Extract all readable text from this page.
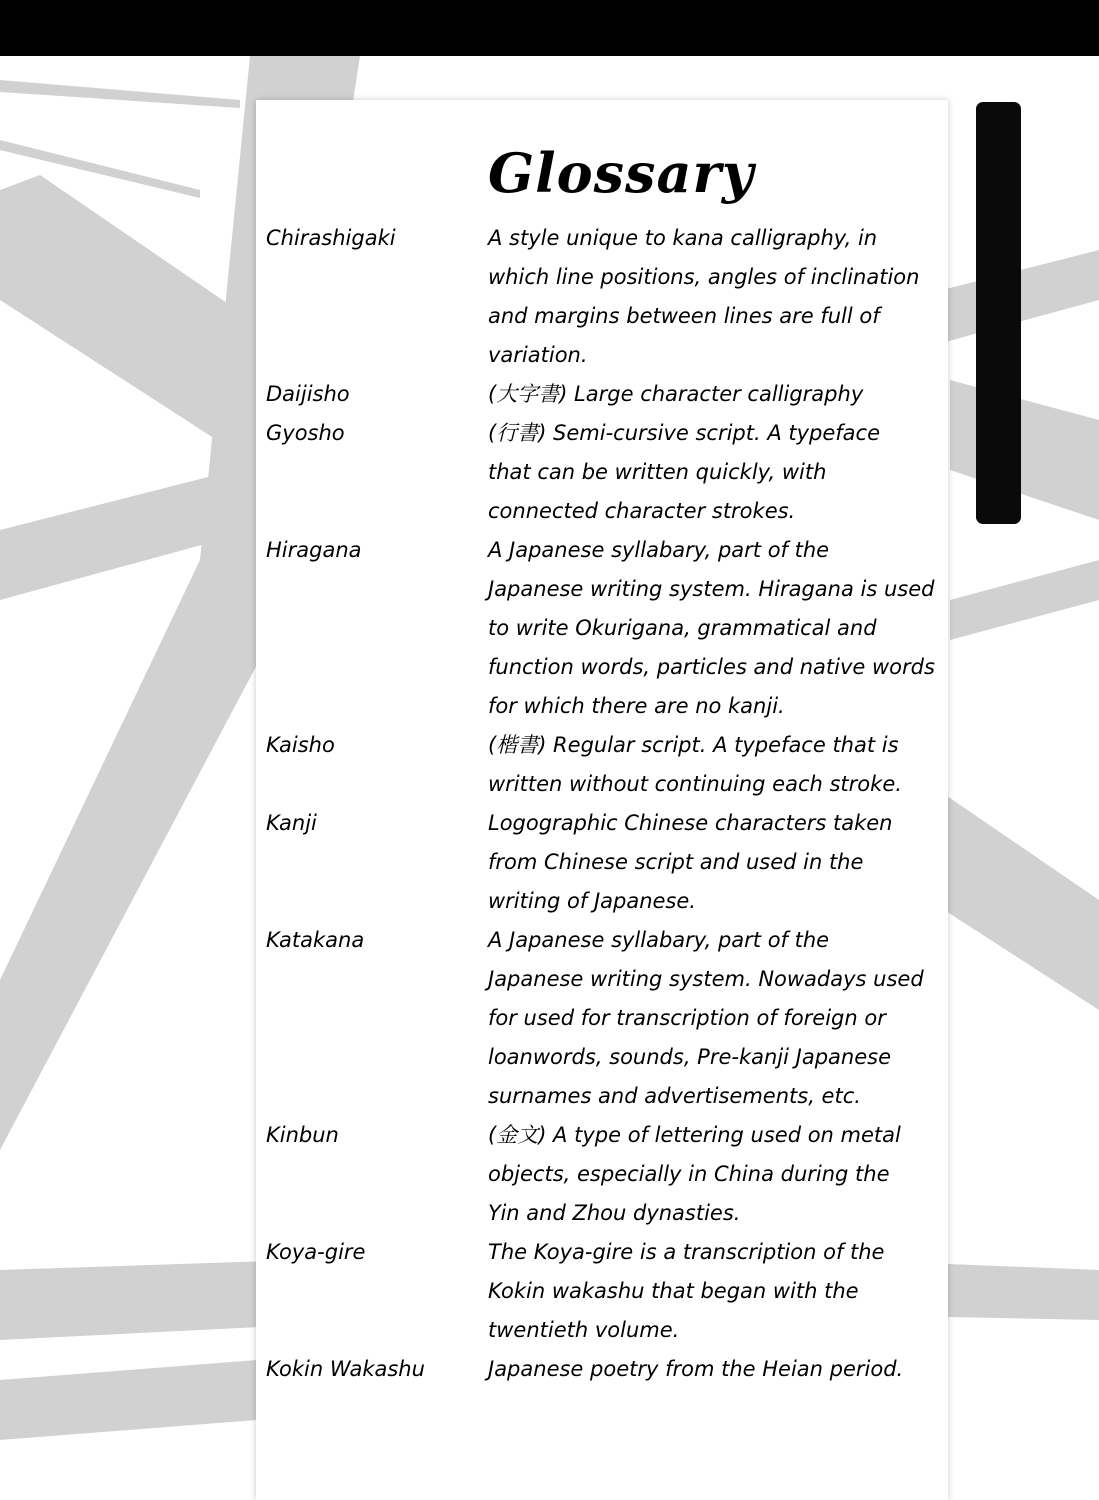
Glossary
Chirashigaki	A style unique to kana calligraphy, in
which line positions, angles of inclination
and margins between lines are full of
variation.
Daijisho	(大字書) Large character calligraphy
Gyosho	(行書) Semi-cursive script. A typeface
that can be written quickly, with
connected character strokes.
Hiragana	A Japanese syllabary, part of the
Japanese writing system. Hiragana is used
to write Okurigana, grammatical and
function words, particles and native words
for which there are no kanji.
Kaisho	(楷書) Regular script. A typeface that is
written without continuing each stroke.
Kanji	Logographic Chinese characters taken
from Chinese script and used in the
writing of Japanese.
Katakana	A Japanese syllabary, part of the
Japanese writing system. Nowadays used
for used for transcription of foreign or
loanwords, sounds, Pre-kanji Japanese
surnames and advertisements, etc.
Kinbun	(金文) A type of lettering used on metal
objects, especially in China during the
Yin and Zhou dynasties.
Koya-gire	The Koya-gire is a transcription of the
Kokin wakashu that began with the
twentieth volume.
Kokin Wakashu	Japanese poetry from the Heian period.
